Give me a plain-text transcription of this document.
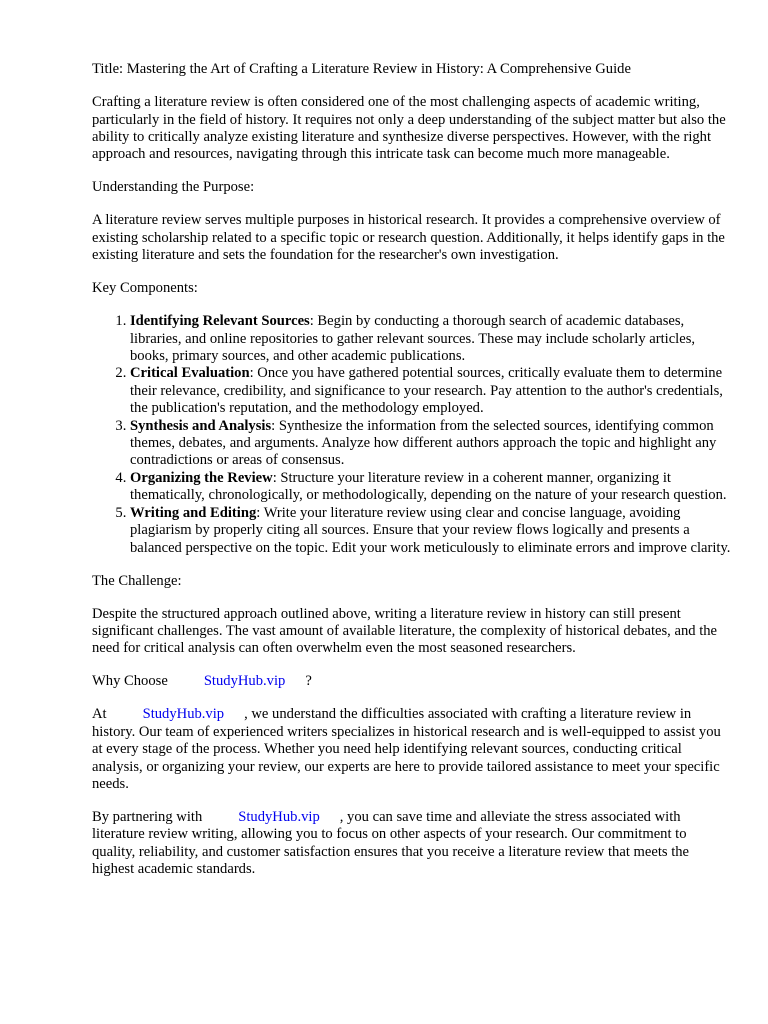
Title: Mastering the Art of Crafting a Literature Review in History: A Comprehensive Guide

Crafting a literature review is often considered one of the most challenging aspects of academic writing, particularly in the field of history. It requires not only a deep understanding of the subject matter but also the ability to critically analyze existing literature and synthesize diverse perspectives. However, with the right approach and resources, navigating through this intricate task can become much more manageable.

Understanding the Purpose:

A literature review serves multiple purposes in historical research. It provides a comprehensive overview of existing scholarship related to a specific topic or research question. Additionally, it helps identify gaps in the existing literature and sets the foundation for the researcher's own investigation.

Key Components:

1. Identifying Relevant Sources: Begin by conducting a thorough search of academic databases, libraries, and online repositories to gather relevant sources. These may include scholarly articles, books, primary sources, and other academic publications.
2. Critical Evaluation: Once you have gathered potential sources, critically evaluate them to determine their relevance, credibility, and significance to your research. Pay attention to the author's credentials, the publication's reputation, and the methodology employed.
3. Synthesis and Analysis: Synthesize the information from the selected sources, identifying common themes, debates, and arguments. Analyze how different authors approach the topic and highlight any contradictions or areas of consensus.
4. Organizing the Review: Structure your literature review in a coherent manner, organizing it thematically, chronologically, or methodologically, depending on the nature of your research question.
5. Writing and Editing: Write your literature review using clear and concise language, avoiding plagiarism by properly citing all sources. Ensure that your review flows logically and presents a balanced perspective on the topic. Edit your work meticulously to eliminate errors and improve clarity.

The Challenge:

Despite the structured approach outlined above, writing a literature review in history can still present significant challenges. The vast amount of available literature, the complexity of historical debates, and the need for critical analysis can often overwhelm even the most seasoned researchers.

Why Choose StudyHub.vip ?

At StudyHub.vip , we understand the difficulties associated with crafting a literature review in history. Our team of experienced writers specializes in historical research and is well-equipped to assist you at every stage of the process. Whether you need help identifying relevant sources, conducting critical analysis, or organizing your review, our experts are here to provide tailored assistance to meet your specific needs.

By partnering with StudyHub.vip , you can save time and alleviate the stress associated with literature review writing, allowing you to focus on other aspects of your research. Our commitment to quality, reliability, and customer satisfaction ensures that you receive a literature review that meets the highest academic standards.
